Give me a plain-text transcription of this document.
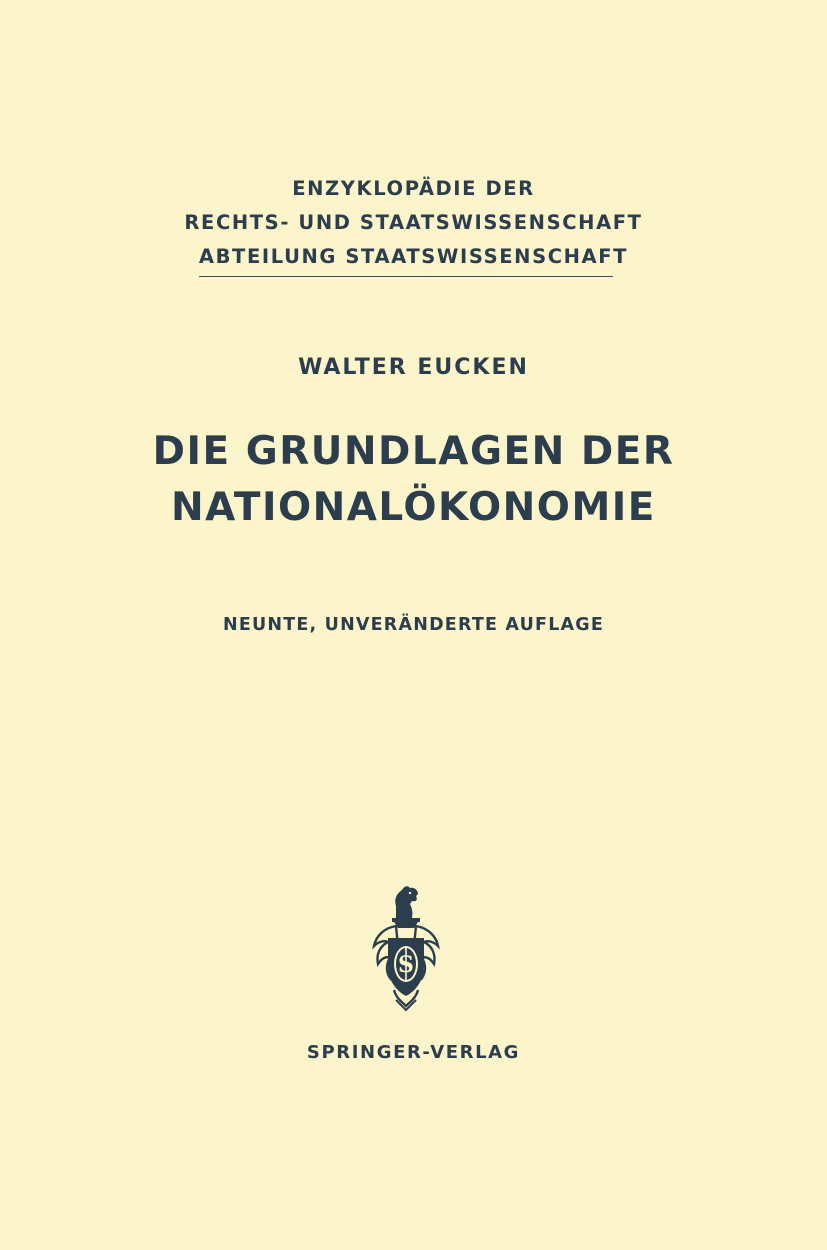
ENZYKLOPÄDIE DER
RECHTS- UND STAATSWISSENSCHAFT
ABTEILUNG STAATSWISSENSCHAFT
WALTER EUCKEN
DIE GRUNDLAGEN DER
NATIONALÖKONOMIE
NEUNTE, UNVERÄNDERTE AUFLAGE
S
SPRINGER-VERLAG
